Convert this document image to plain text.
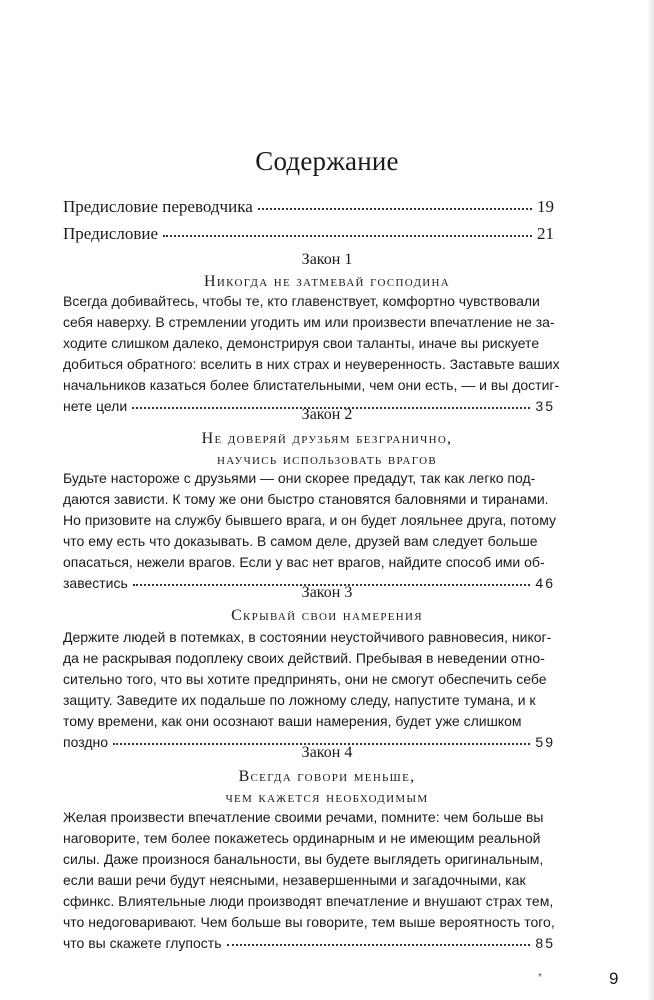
Содержание
Предисловие переводчика	19
Предисловие	21
Закон 1
Никогда не затмевай господина
Всегда добивайтесь, чтобы те, кто главенствует, комфортно чувствовали
себя наверху. В стремлении угодить им или произвести впечатление не за-
ходите слишком далеко, демонстрируя свои таланты, иначе вы рискуете
добиться обратного: вселить в них страх и неуверенность. Заставьте ваших
начальников казаться более блистательными, чем они есть, — и вы достиг-
нете цели	35
Закон 2
Не доверяй друзьям безгранично,
научись использовать врагов
Будьте настороже с друзьями — они скорее предадут, так как легко под-
даются зависти. К тому же они быстро становятся баловнями и тиранами.
Но призовите на службу бывшего врага, и он будет лояльнее друга, потому
что ему есть что доказывать. В самом деле, друзей вам следует больше
опасаться, нежели врагов. Если у вас нет врагов, найдите способ ими об-
завестись	46
Закон 3
Скрывай свои намерения
Держите людей в потемках, в состоянии неустойчивого равновесия, никог-
да не раскрывая подоплеку своих действий. Пребывая в неведении отно-
сительно того, что вы хотите предпринять, они не смогут обеспечить себе
защиту. Заведите их подальше по ложному следу, напустите тумана, и к
тому времени, как они осознают ваши намерения, будет уже слишком
поздно	59
Закон 4
Всегда говори меньше,
чем кажется необходимым
Желая произвести впечатление своими речами, помните: чем больше вы
наговорите, тем более покажетесь ординарным и не имеющим реальной
силы. Даже произнося банальности, вы будете выглядеть оригинальным,
если ваши речи будут неясными, незавершенными и загадочными, как
сфинкс. Влиятельные люди производят впечатление и внушают страх тем,
что недоговаривают. Чем больше вы говорите, тем выше вероятность того,
что вы скажете глупость	85
*	9
